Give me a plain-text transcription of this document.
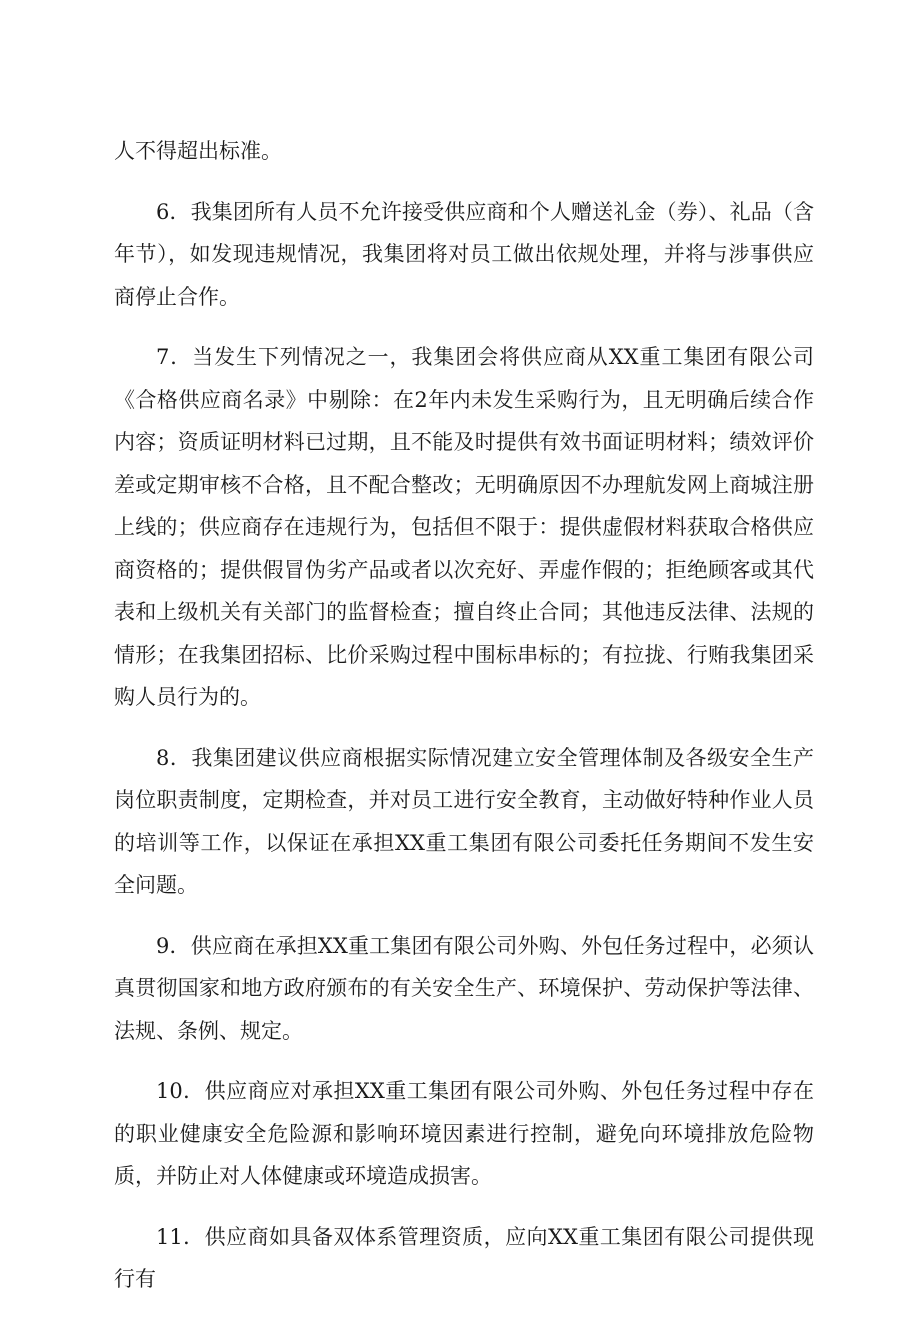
人不得超出标准。

6．我集团所有人员不允许接受供应商和个人赠送礼金（券）、礼品（含年节），如发现违规情况，我集团将对员工做出依规处理，并将与涉事供应商停止合作。

7．当发生下列情况之一，我集团会将供应商从XX重工集团有限公司《合格供应商名录》中剔除：在2年内未发生采购行为，且无明确后续合作内容；资质证明材料已过期，且不能及时提供有效书面证明材料；绩效评价差或定期审核不合格，且不配合整改；无明确原因不办理航发网上商城注册上线的；供应商存在违规行为，包括但不限于：提供虚假材料获取合格供应商资格的；提供假冒伪劣产品或者以次充好、弄虚作假的；拒绝顾客或其代表和上级机关有关部门的监督检查；擅自终止合同；其他违反法律、法规的情形；在我集团招标、比价采购过程中围标串标的；有拉拢、行贿我集团采购人员行为的。

8．我集团建议供应商根据实际情况建立安全管理体制及各级安全生产岗位职责制度，定期检查，并对员工进行安全教育，主动做好特种作业人员的培训等工作，以保证在承担XX重工集团有限公司委托任务期间不发生安全问题。

9．供应商在承担XX重工集团有限公司外购、外包任务过程中，必须认真贯彻国家和地方政府颁布的有关安全生产、环境保护、劳动保护等法律、法规、条例、规定。

10．供应商应对承担XX重工集团有限公司外购、外包任务过程中存在的职业健康安全危险源和影响环境因素进行控制，避免向环境排放危险物质，并防止对人体健康或环境造成损害。

11．供应商如具备双体系管理资质，应向XX重工集团有限公司提供现行有
